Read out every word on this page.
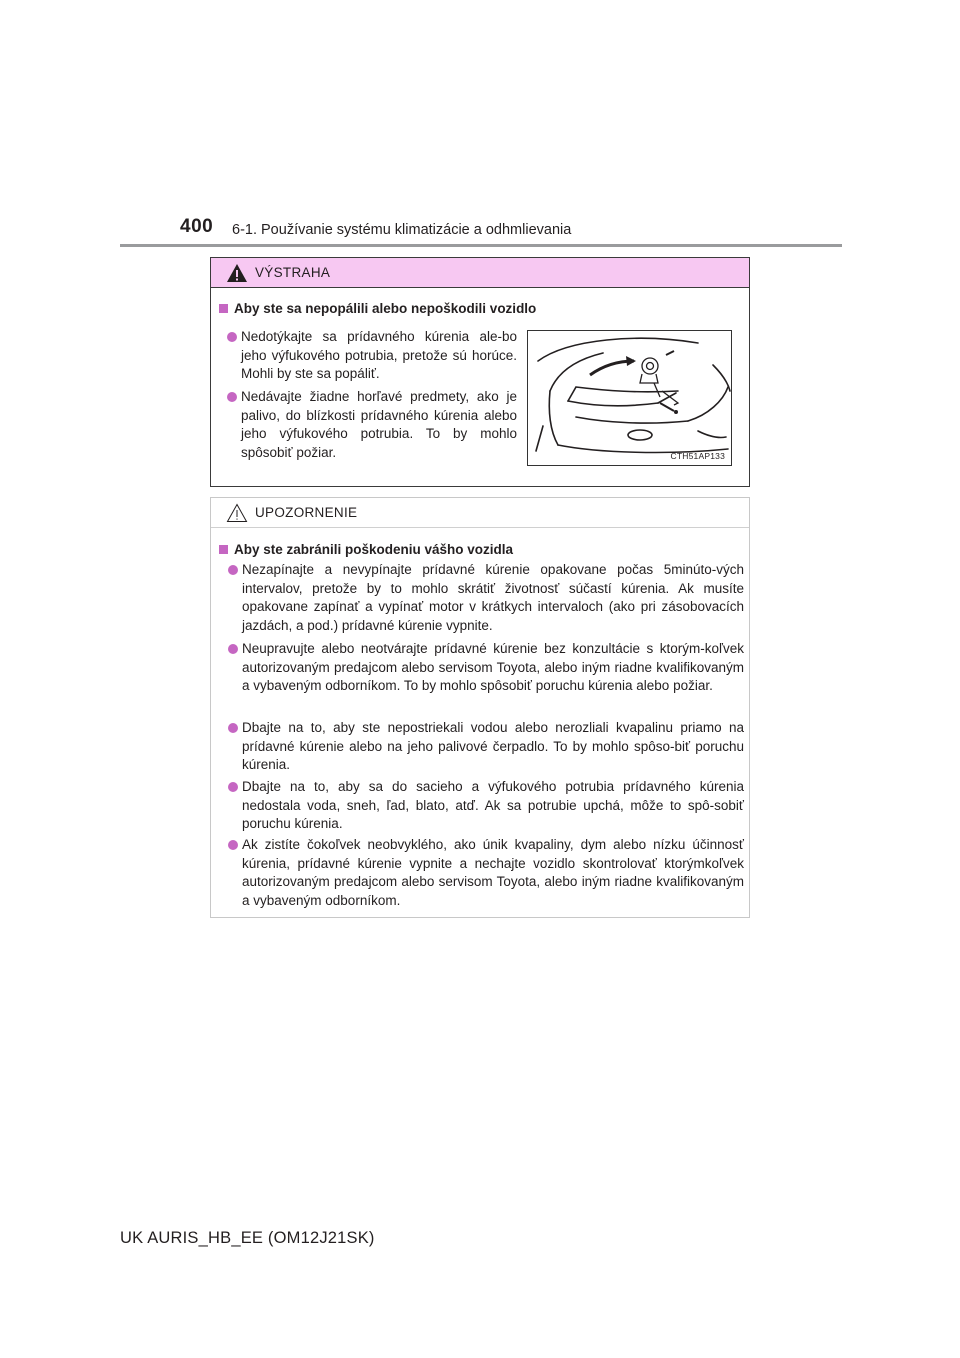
400 6-1. Používanie systému klimatizácie a odhmlievania
VÝSTRAHA
Aby ste sa nepopálili alebo nepoškodili vozidlo
Nedotýkajte sa prídavného kúrenia ale-bo jeho výfukového potrubia, pretože sú horúce. Mohli by ste sa popáliť.
Nedávajte žiadne horľavé predmety, ako je palivo, do blízkosti prídavného kúrenia alebo jeho výfukového potrubia. To by mohlo spôsobiť požiar.	CTH51AP133
UPOZORNENIE
Aby ste zabránili poškodeniu vášho vozidla
Nezapínajte a nevypínajte prídavné kúrenie opakovane počas 5minúto-vých intervalov, pretože by to mohlo skrátiť životnosť súčastí kúrenia. Ak musíte opakovane zapínať a vypínať motor v krátkych intervaloch (ako pri zásobovacích jazdách, a pod.) prídavné kúrenie vypnite.
Neupravujte alebo neotvárajte prídavné kúrenie bez konzultácie s ktorým-koľvek autorizovaným predajcom alebo servisom Toyota, alebo iným riadne kvalifikovaným a vybaveným odborníkom. To by mohlo spôsobiť poruchu kúrenia alebo požiar.
Dbajte na to, aby ste nepostriekali vodou alebo nerozliali kvapalinu priamo na prídavné kúrenie alebo na jeho palivové čerpadlo. To by mohlo spôso-biť poruchu kúrenia.
Dbajte na to, aby sa do sacieho a výfukového potrubia prídavného kúrenia nedostala voda, sneh, ľad, blato, atď. Ak sa potrubie upchá, môže to spô-sobiť poruchu kúrenia.
Ak zistíte čokoľvek neobvyklého, ako únik kvapaliny, dym alebo nízku účinnosť kúrenia, prídavné kúrenie vypnite a nechajte vozidlo skontrolovať ktorýmkoľvek autorizovaným predajcom alebo servisom Toyota, alebo iným riadne kvalifikovaným a vybaveným odborníkom.
UK AURIS_HB_EE (OM12J21SK)
